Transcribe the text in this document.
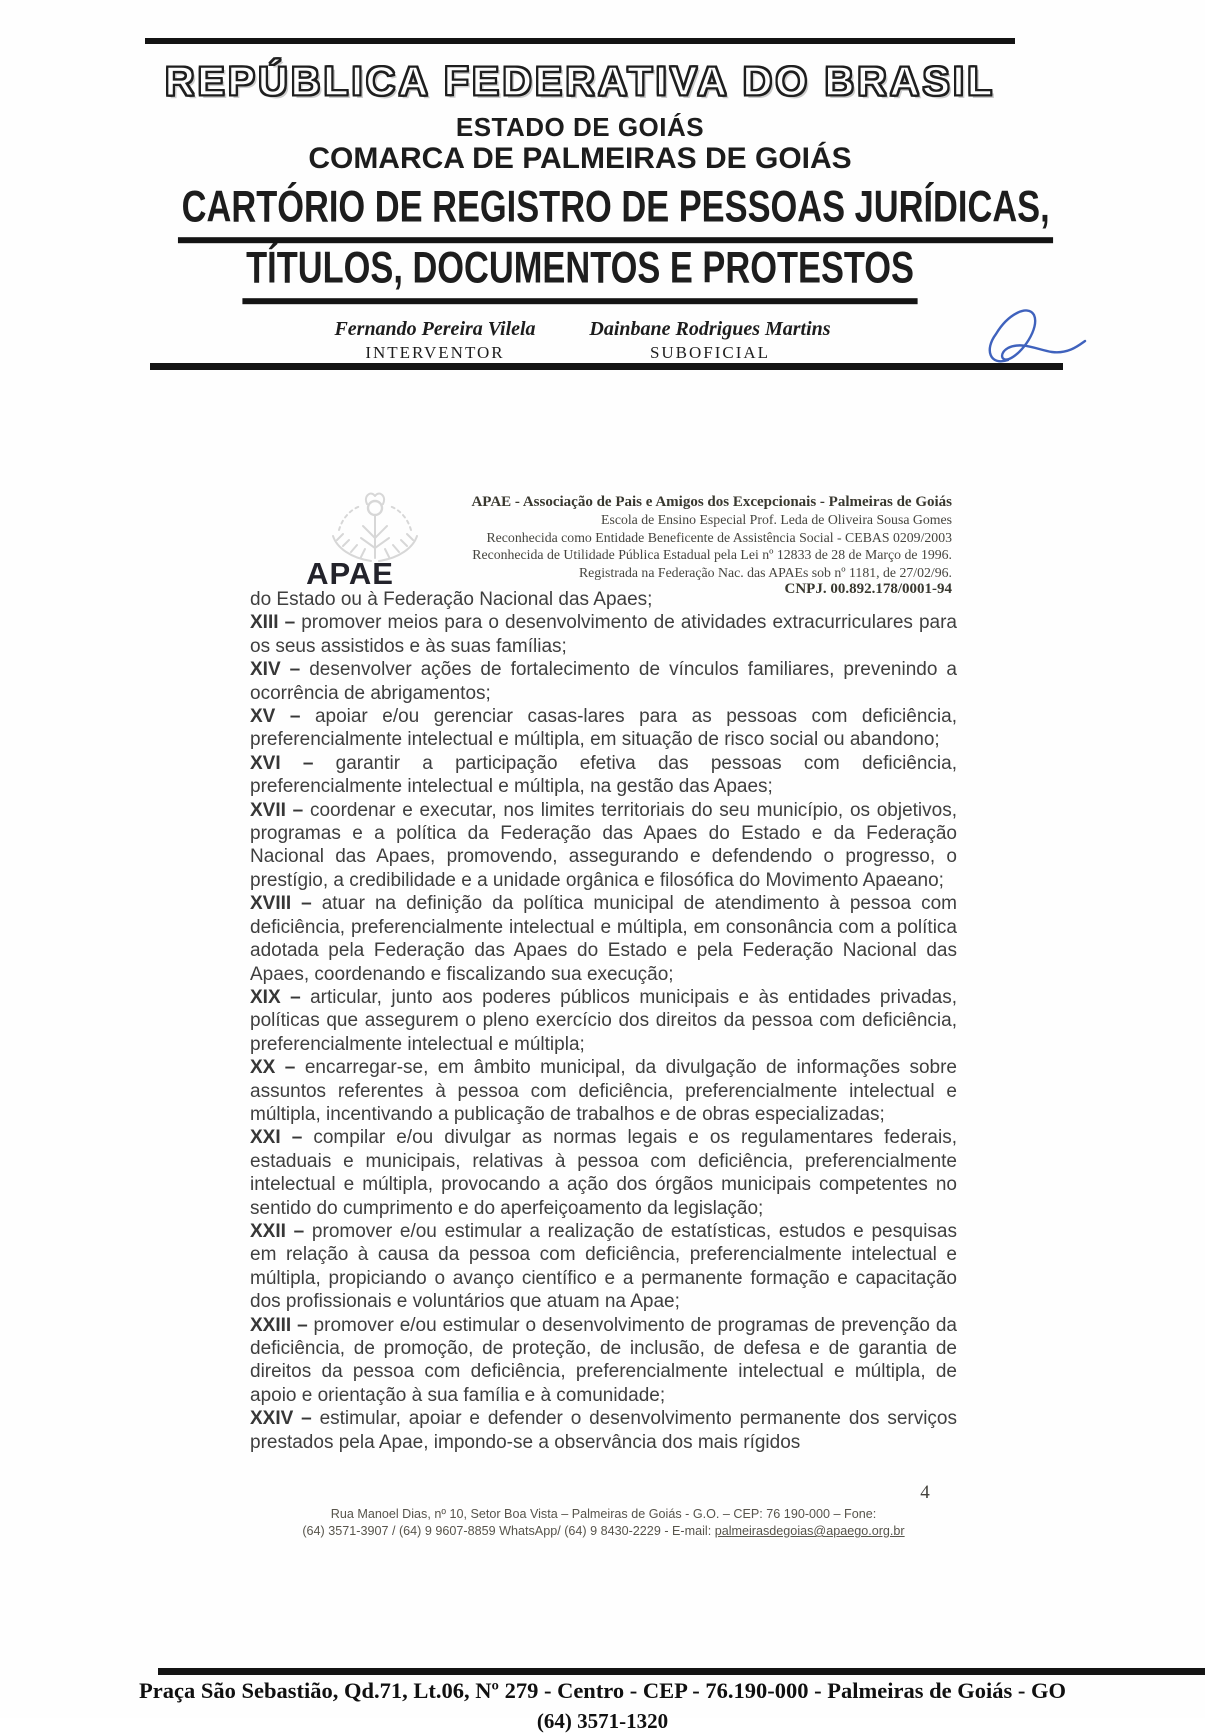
REPÚBLICA FEDERATIVA DO BRASIL
ESTADO DE GOIÁS
COMARCA DE PALMEIRAS DE GOIÁS
CARTÓRIO DE REGISTRO DE PESSOAS JURÍDICAS,
TÍTULOS, DOCUMENTOS E PROTESTOS
Fernando Pereira Vilela
INTERVENTOR
Dainbane Rodrigues Martins
SUBOFICIAL
APAE
APAE - Associação de Pais e Amigos dos Excepcionais - Palmeiras de Goiás
Escola de Ensino Especial Prof. Leda de Oliveira Sousa Gomes
Reconhecida como Entidade Beneficente de Assistência Social - CEBAS 0209/2003
Reconhecida de Utilidade Pública Estadual pela Lei nº 12833 de 28 de Março de 1996.
Registrada na Federação Nac. das APAEs sob nº 1181, de 27/02/96.
CNPJ. 00.892.178/0001-94

do Estado ou à Federação Nacional das Apaes;

XIII – promover meios para o desenvolvimento de atividades extracurriculares para os seus assistidos e às suas famílias;

XIV – desenvolver ações de fortalecimento de vínculos familiares, prevenindo a ocorrência de abrigamentos;

XV – apoiar e/ou gerenciar casas-lares para as pessoas com deficiência, preferencialmente intelectual e múltipla, em situação de risco social ou abandono;

XVI – garantir a participação efetiva das pessoas com deficiência, preferencialmente intelectual e múltipla, na gestão das Apaes;

XVII – coordenar e executar, nos limites territoriais do seu município, os objetivos, programas e a política da Federação das Apaes do Estado e da Federação Nacional das Apaes, promovendo, assegurando e defendendo o progresso, o prestígio, a credibilidade e a unidade orgânica e filosófica do Movimento Apaeano;

XVIII – atuar na definição da política municipal de atendimento à pessoa com deficiência, preferencialmente intelectual e múltipla, em consonância com a política adotada pela Federação das Apaes do Estado e pela Federação Nacional das Apaes, coordenando e fiscalizando sua execução;

XIX – articular, junto aos poderes públicos municipais e às entidades privadas, políticas que assegurem o pleno exercício dos direitos da pessoa com deficiência, preferencialmente intelectual e múltipla;

XX – encarregar-se, em âmbito municipal, da divulgação de informações sobre assuntos referentes à pessoa com deficiência, preferencialmente intelectual e múltipla, incentivando a publicação de trabalhos e de obras especializadas;

XXI – compilar e/ou divulgar as normas legais e os regulamentares federais, estaduais e municipais, relativas à pessoa com deficiência, preferencialmente intelectual e múltipla, provocando a ação dos órgãos municipais competentes no sentido do cumprimento e do aperfeiçoamento da legislação;

XXII – promover e/ou estimular a realização de estatísticas, estudos e pesquisas em relação à causa da pessoa com deficiência, preferencialmente intelectual e múltipla, propiciando o avanço científico e a permanente formação e capacitação dos profissionais e voluntários que atuam na Apae;

XXIII – promover e/ou estimular o desenvolvimento de programas de prevenção da deficiência, de promoção, de proteção, de inclusão, de defesa e de garantia de direitos da pessoa com deficiência, preferencialmente intelectual e múltipla, de apoio e orientação à sua família e à comunidade;

XXIV – estimular, apoiar e defender o desenvolvimento permanente dos serviços prestados pela Apae, impondo-se a observância dos mais rígidos

4
Rua Manoel Dias, nº 10, Setor Boa Vista – Palmeiras de Goiás - G.O. – CEP: 76 190-000 – Fone:
(64) 3571-3907 / (64) 9 9607-8859 WhatsApp/ (64) 9 8430-2229 - E-mail: palmeirasdegoias@apaego.org.br
Praça São Sebastião, Qd.71, Lt.06, Nº 279 - Centro - CEP - 76.190-000 - Palmeiras de Goiás - GO
(64) 3571-1320
